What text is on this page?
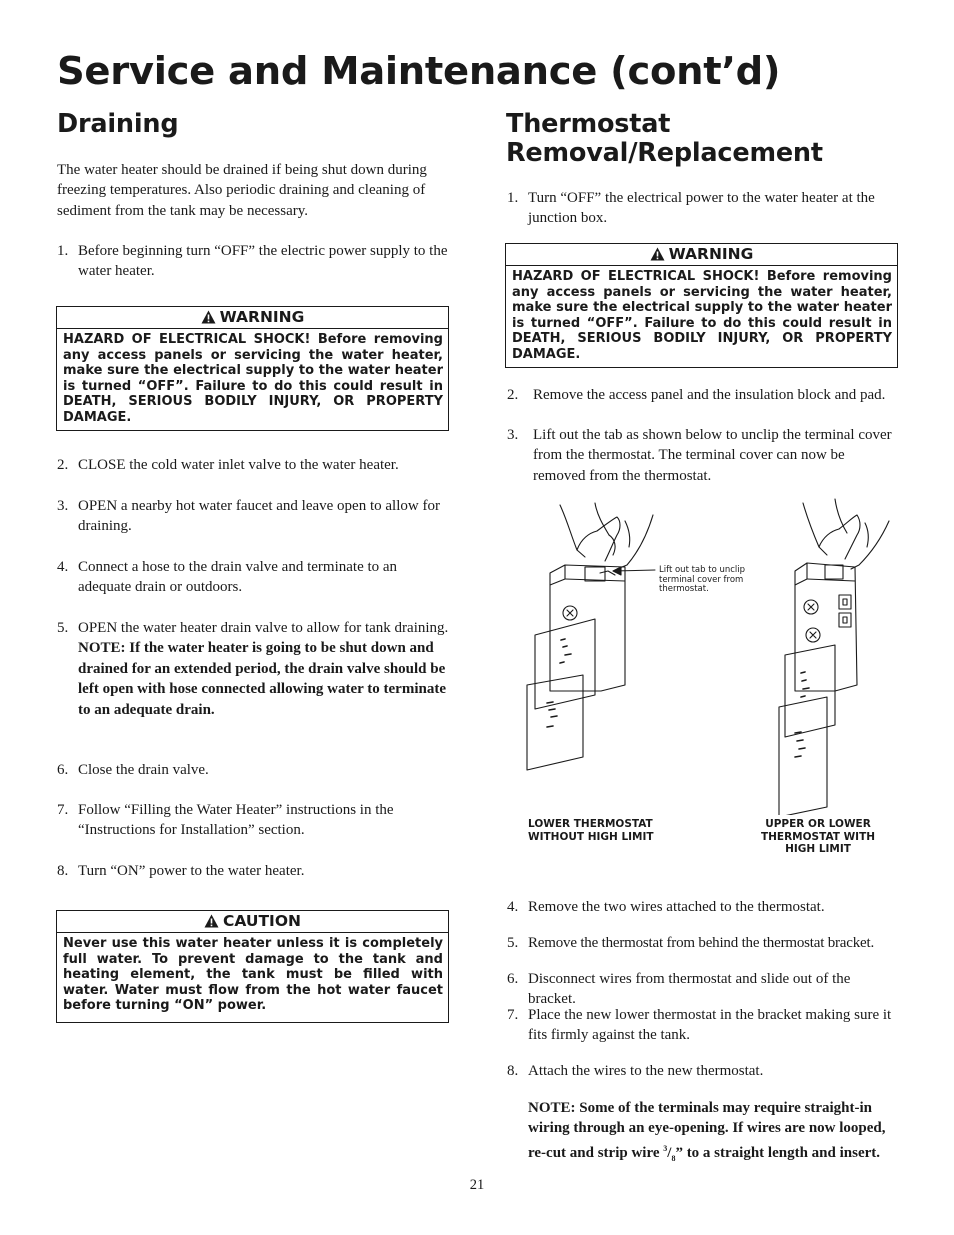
Service and Maintenance (cont’d)
Draining

The water heater should be drained if being shut down during freezing temperatures. Also periodic draining and cleaning of sediment from the tank may be necessary.

1. Before beginning turn “OFF” the electric power supply to the water heater.
WARNING
HAZARD OF ELECTRICAL SHOCK! Before removing any access panels or servicing the water heater, make sure the electrical supply to the water heater is turned “OFF”. Failure to do this could result in DEATH, SERIOUS BODILY INJURY, OR PROPERTY DAMAGE.
2. CLOSE the cold water inlet valve to the water heater.
3. OPEN a nearby hot water faucet and leave open to allow for draining.
4. Connect a hose to the drain valve and terminate to an adequate drain or outdoors.
5. OPEN the water heater drain valve to allow for tank draining.
NOTE: If the water heater is going to be shut down and drained for an extended period, the drain valve should be left open with hose connected allowing water to terminate to an adequate drain.
6. Close the drain valve.
7. Follow “Filling the Water Heater” instructions in the “Instructions for Installation” section.
8. Turn “ON” power to the water heater.
CAUTION
Never use this water heater unless it is completely full water. To prevent damage to the tank and heating element, the tank must be filled with water. Water must flow from the hot water faucet before turning “ON” power.
Thermostat Removal/Replacement
1. Turn “OFF” the electrical power to the water heater at the junction box.
WARNING
HAZARD OF ELECTRICAL SHOCK! Before removing any access panels or servicing the water heater, make sure the electrical supply to the water heater is turned “OFF”. Failure to do this could result in DEATH, SERIOUS BODILY INJURY, OR PROPERTY DAMAGE.
2. Remove the access panel and the insulation block and pad.
3. Lift out the tab as shown below to unclip the terminal cover from the thermostat. The terminal cover can now be removed from the thermostat.
Lift out tab to unclip terminal cover from thermostat.
LOWER THERMOSTAT WITHOUT HIGH LIMIT
UPPER OR LOWER THERMOSTAT WITH HIGH LIMIT
4. Remove the two wires attached to the thermostat.
5. Remove the thermostat from behind the thermostat bracket.
6. Disconnect wires from thermostat and slide out of the bracket.
7. Place the new lower thermostat in the bracket making sure it fits firmly against the tank.
8. Attach the wires to the new thermostat.

NOTE: Some of the terminals may require straight-in wiring through an eye-opening. If wires are now looped, re-cut and strip wire $^3/_8$” to a straight length and insert.

21
